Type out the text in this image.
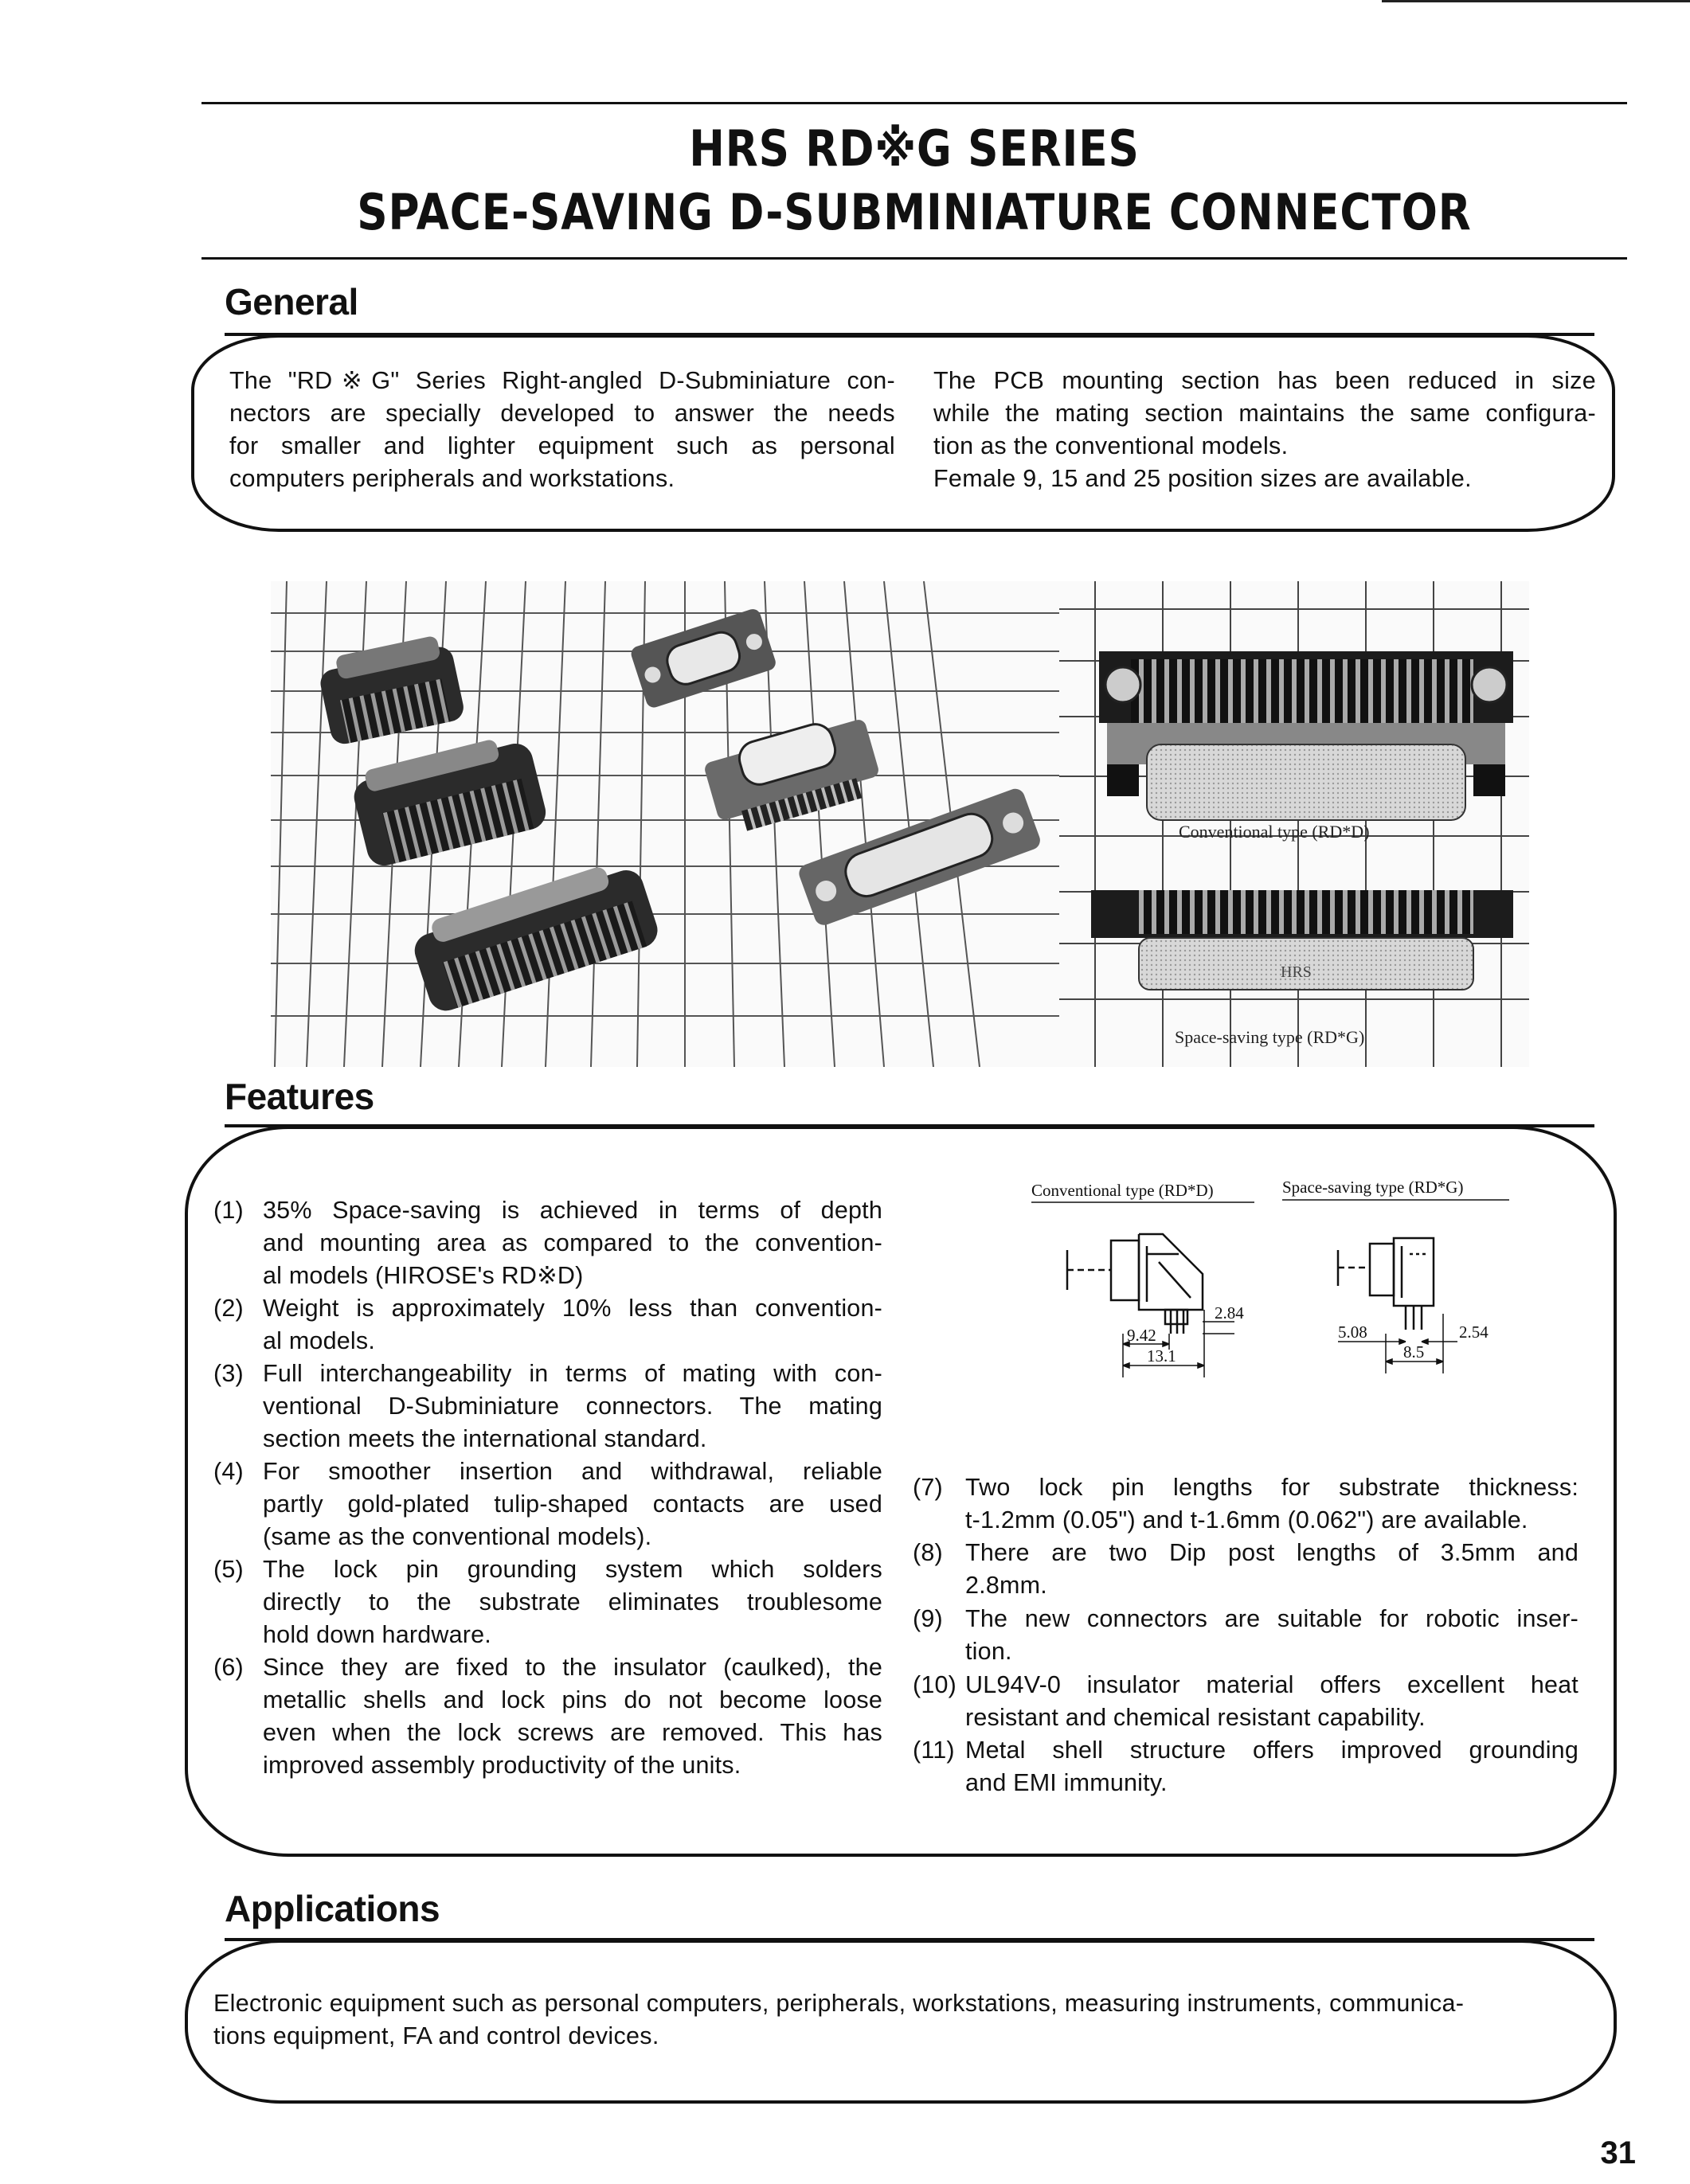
HRS RD※G SERIES
SPACE-SAVING D-SUBMINIATURE CONNECTOR
General
The "RD※G" Series Right-angled D-Subminiature con-
nectors are specially developed to answer the needs
for smaller and lighter equipment such as personal
computers peripherals and workstations.
The PCB mounting section has been reduced in size
while the mating section maintains the same configura-
tion as the conventional models.
Female 9, 15 and 25 position sizes are available.
Conventional type (RD*D)
HRS
Space-saving type (RD*G)
Features
(1) 35% Space-saving is achieved in terms of depth
and mounting area as compared to the convention-
al models (HIROSE's RD※D)
(2) Weight is approximately 10% less than convention-
al models.
(3) Full interchangeability in terms of mating with con-
ventional D-Subminiature connectors. The mating
section meets the international standard.
(4) For smoother insertion and withdrawal, reliable
partly gold-plated tulip-shaped contacts are used
(same as the conventional models).
(5) The lock pin grounding system which solders
directly to the substrate eliminates troublesome
hold down hardware.
(6) Since they are fixed to the insulator (caulked), the
metallic shells and lock pins do not become loose
even when the lock screws are removed. This has
improved assembly productivity of the units.
(7) Two lock pin lengths for substrate thickness:
t-1.2mm (0.05") and t-1.6mm (0.062") are available.
(8) There are two Dip post lengths of 3.5mm and
2.8mm.
(9) The new connectors are suitable for robotic inser-
tion.
(10) UL94V-0 insulator material offers excellent heat
resistant and chemical resistant capability.
(11) Metal shell structure offers improved grounding
and EMI immunity.
Conventional type (RD*D)	Space-saving type (RD*G)
2.84
9.42
13.1
5.08	2.54
8.5
Applications
Electronic equipment such as personal computers, peripherals, workstations, measuring instruments, communica-
tions equipment, FA and control devices.
31
